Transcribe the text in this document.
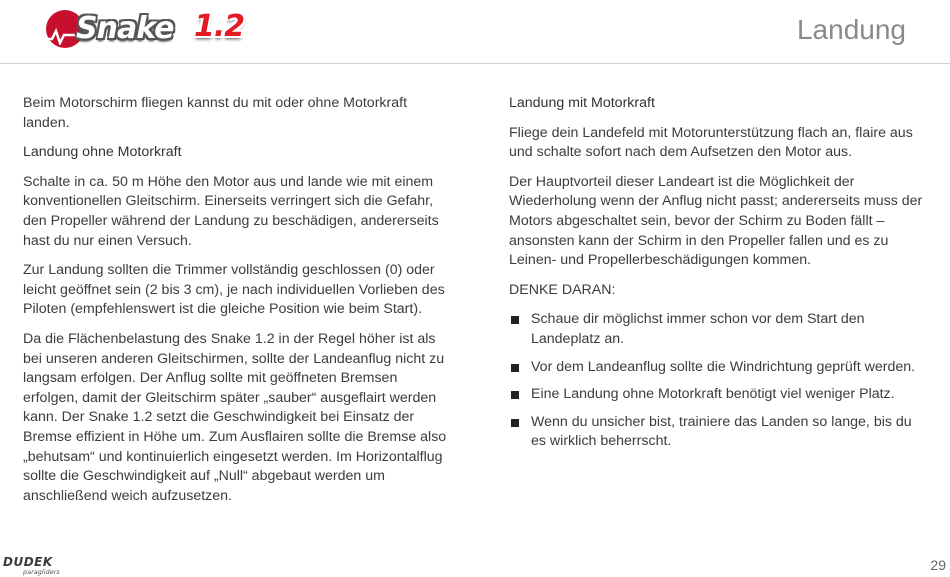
Snake 1.2	Landung

Beim Motorschirm fliegen kannst du mit oder ohne Motorkraft landen.

Landung ohne Motorkraft

Schalte in ca. 50 m Höhe den Motor aus und lande wie mit einem konventionellen Gleitschirm. Einerseits verringert sich die Gefahr, den Propeller während der Landung zu beschädigen, andererseits hast du nur einen Versuch.

Zur Landung sollten die Trimmer vollständig geschlossen (0) oder leicht geöffnet sein (2 bis 3 cm), je nach individuellen Vorlieben des Piloten (empfehlenswert ist die gleiche Position wie beim Start).

Da die Flächenbelastung des Snake 1.2 in der Regel höher ist als bei unseren anderen Gleitschirmen, sollte der Landeanflug nicht zu langsam erfolgen. Der Anflug sollte mit geöffneten Bremsen erfolgen, damit der Gleitschirm später „sauber“ ausgeflairt werden kann. Der Snake 1.2 setzt die Geschwindigkeit bei Einsatz der Bremse effizient in Höhe um. Zum Ausflairen sollte die Bremse also „behutsam“ und kontinuierlich eingesetzt werden. Im Horizontalflug sollte die Geschwindigkeit auf „Null“ abgebaut werden um anschließend weich aufzusetzen.

Landung mit Motorkraft

Fliege dein Landefeld mit Motorunterstützung flach an, flaire aus und schalte sofort nach dem Aufsetzen den Motor aus.

Der Hauptvorteil dieser Landeart ist die Möglichkeit der Wiederholung wenn der Anflug nicht passt; andererseits muss der Motors abgeschaltet sein, bevor der Schirm zu Boden fällt – ansonsten kann der Schirm in den Propeller fallen und es zu Leinen- und Propellerbeschädigungen kommen.

DENKE DARAN:

Schaue dir möglichst immer schon vor dem Start den Landeplatz an.
Vor dem Landeanflug sollte die Windrichtung geprüft werden.
Eine Landung ohne Motorkraft benötigt viel weniger Platz.
Wenn du unsicher bist, trainiere das Landen so lange, bis du es wirklich beherrscht.
DUDEK
paragliders	29
